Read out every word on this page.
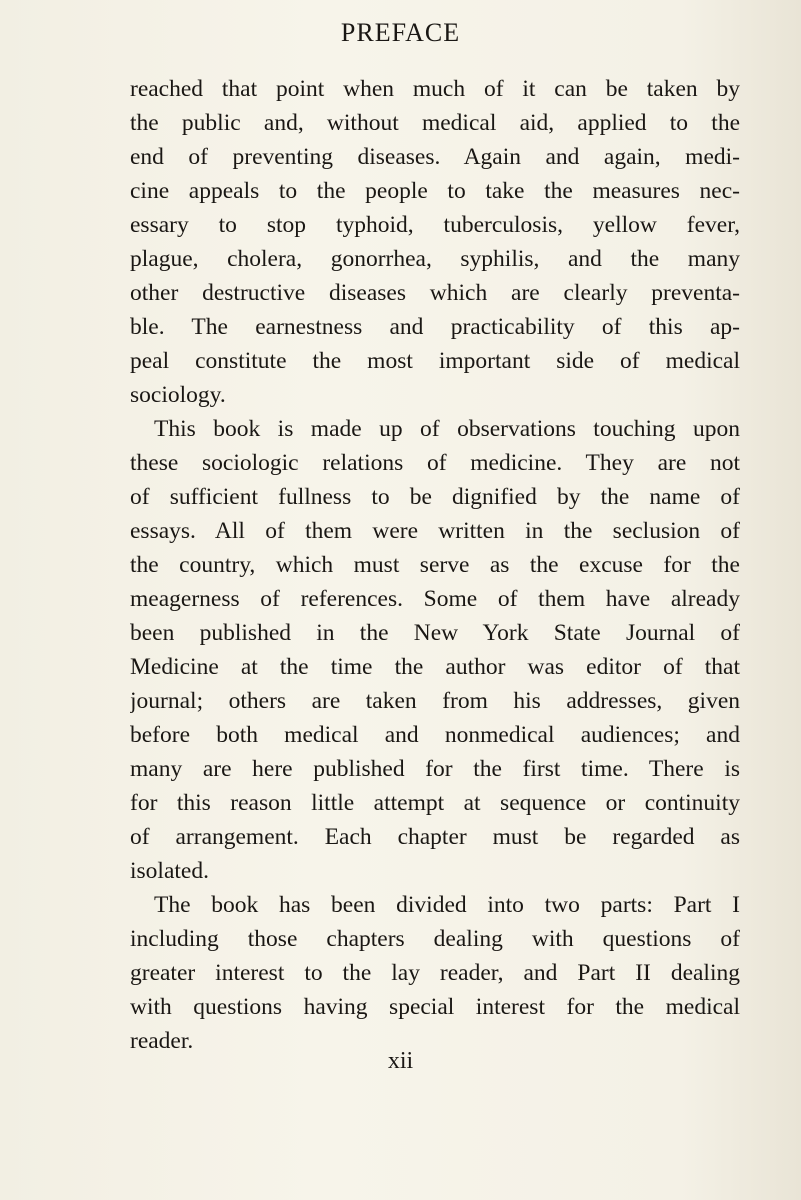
PREFACE
reached that point when much of it can be taken by
the public and, without medical aid, applied to the
end of preventing diseases. Again and again, medi-
cine appeals to the people to take the measures nec-
essary to stop typhoid, tuberculosis, yellow fever,
plague, cholera, gonorrhea, syphilis, and the many
other destructive diseases which are clearly preventa-
ble. The earnestness and practicability of this ap-
peal constitute the most important side of medical
sociology.
This book is made up of observations touching upon
these sociologic relations of medicine. They are not
of sufficient fullness to be dignified by the name of
essays. All of them were written in the seclusion of
the country, which must serve as the excuse for the
meagerness of references. Some of them have already
been published in the New York State Journal of
Medicine at the time the author was editor of that
journal; others are taken from his addresses, given
before both medical and nonmedical audiences; and
many are here published for the first time. There is
for this reason little attempt at sequence or continuity
of arrangement. Each chapter must be regarded as
isolated.
The book has been divided into two parts: Part I
including those chapters dealing with questions of
greater interest to the lay reader, and Part II dealing
with questions having special interest for the medical
reader.
xii
